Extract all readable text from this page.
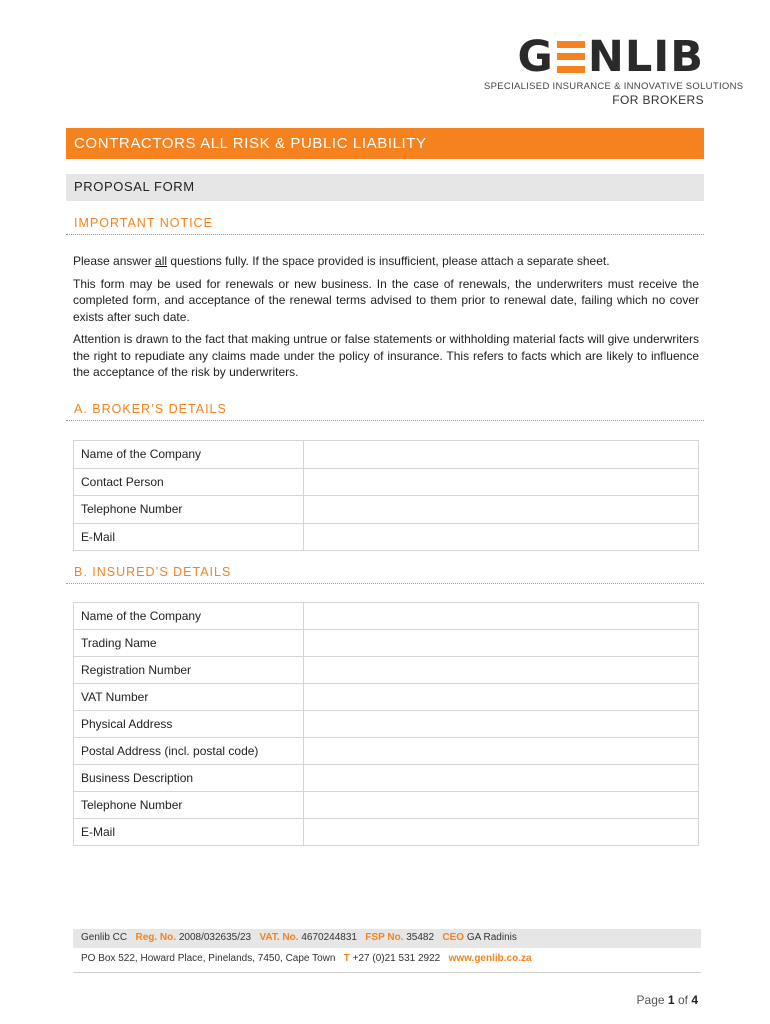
G NLIB
SPECIALISED INSURANCE & INNOVATIVE SOLUTIONS
FOR BROKERS
CONTRACTORS ALL RISK & PUBLIC LIABILITY
PROPOSAL FORM
IMPORTANT NOTICE

Please answer all questions fully. If the space provided is insufficient, please attach a separate sheet.

This form may be used for renewals or new business. In the case of renewals, the underwriters must receive the completed form, and acceptance of the renewal terms advised to them prior to renewal date, failing which no cover exists after such date.

Attention is drawn to the fact that making untrue or false statements or withholding material facts will give underwriters the right to repudiate any claims made under the policy of insurance. This refers to facts which are likely to influence the acceptance of the risk by underwriters.

A. BROKER’S DETAILS
Name of the Company	
Contact Person	
Telephone Number	
E-Mail	
B. INSURED’S DETAILS
Name of the Company	
Trading Name	
Registration Number	
VAT Number	
Physical Address	
Postal Address (incl. postal code)	
Business Description	
Telephone Number	
E-Mail	
Genlib CC Reg. No. 2008/032635/23 VAT. No. 4670244831 FSP No. 35482 CEO GA Radinis
PO Box 522, Howard Place, Pinelands, 7450, Cape Town T +27 (0)21 531 2922 www.genlib.co.za
Page 1 of 4
